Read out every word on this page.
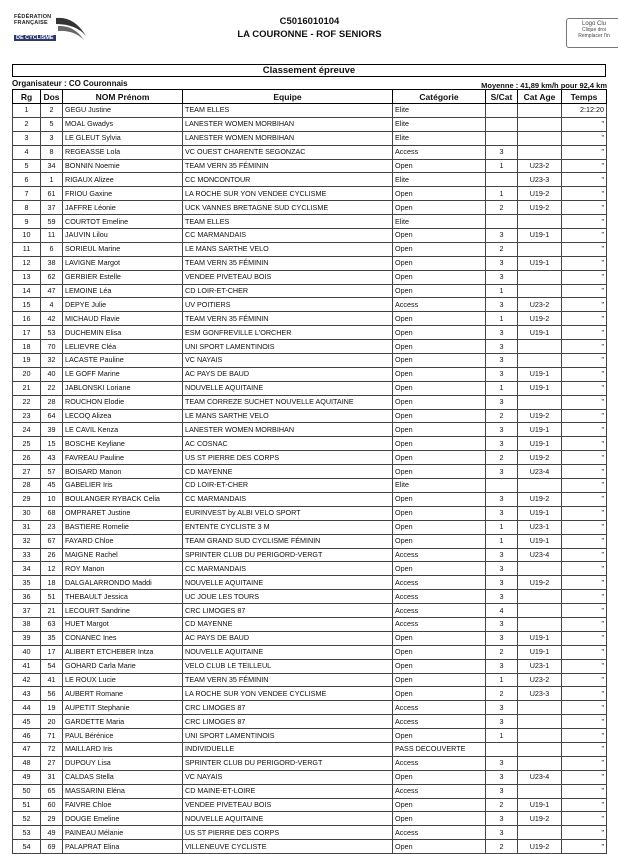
FÉDÉRATION
FRANÇAISE
DE CYCLISME
C5016010104
LA COURONNE - ROF SENIORS
Logo Clu
Clique droi
Remplacer l'in
Classement épreuve
Organisateur : CO Couronnais	Moyenne : 41,89 km/h pour 92,4 km
Rg	Dos	NOM Prénom	Equipe	Catégorie	S/Cat	Cat Age	Temps
1	2	GEGU Justine	TEAM ELLES	Elite			2:12:20
2	5	MOAL Gwadys	LANESTER WOMEN MORBIHAN	Elite			"
3	3	LE GLEUT Sylvia	LANESTER WOMEN MORBIHAN	Elite			"
4	8	REGEASSE Lola	VC OUEST CHARENTE SEGONZAC	Access	3		"
5	34	BONNIN Noemie	TEAM VERN 35 FÉMININ	Open	1	U23-2	"
6	1	RIGAUX Alizee	CC MONCONTOUR	Elite		U23-3	"
7	61	FRIOU Gaxine	LA ROCHE SUR YON VENDEE CYCLISME	Open	1	U19-2	"
8	37	JAFFRE Léonie	UCK VANNES BRETAGNE SUD CYCLISME	Open	2	U19-2	"
9	59	COURTOT Emeline	TEAM ELLES	Elite			"
10	11	JAUVIN Lilou	CC MARMANDAIS	Open	3	U19-1	"
11	6	SORIEUL Marine	LE MANS SARTHE VELO	Open	2		"
12	38	LAVIGNE Margot	TEAM VERN 35 FÉMININ	Open	3	U19-1	"
13	62	GERBIER Estelle	VENDEE PIVETEAU BOIS	Open	3		"
14	47	LEMOINE Léa	CD LOIR-ET-CHER	Open	1		"
15	4	DEPYE Julie	UV POITIERS	Access	3	U23-2	"
16	42	MICHAUD Flavie	TEAM VERN 35 FÉMININ	Open	1	U19-2	"
17	53	DUCHEMIN Elisa	ESM GONFREVILLE L'ORCHER	Open	3	U19-1	"
18	70	LELIEVRE Cléa	UNI SPORT LAMENTINOIS	Open	3		"
19	32	LACASTE Pauline	VC NAYAIS	Open	3		"
20	40	LE GOFF Marine	AC PAYS DE BAUD	Open	3	U19-1	"
21	22	JABLONSKI Loriane	NOUVELLE AQUITAINE	Open	1	U19-1	"
22	28	ROUCHON Elodie	TEAM CORREZE SUCHET NOUVELLE AQUITAINE	Open	3		"
23	64	LECOQ Alizea	LE MANS SARTHE VELO	Open	2	U19-2	"
24	39	LE CAVIL Kenza	LANESTER WOMEN MORBIHAN	Open	3	U19-1	"
25	15	BOSCHE Keyliane	AC COSNAC	Open	3	U19-1	"
26	43	FAVREAU Pauline	US ST PIERRE DES CORPS	Open	2	U19-2	"
27	57	BOISARD Manon	CD MAYENNE	Open	3	U23-4	"
28	45	GABELIER Iris	CD LOIR-ET-CHER	Elite			"
29	10	BOULANGER RYBACK Celia	CC MARMANDAIS	Open	3	U19-2	"
30	68	OMPRARET Justine	EURINVEST by ALBI VELO SPORT	Open	3	U19-1	"
31	23	BASTIERE Romelie	ENTENTE CYCLISTE 3 M	Open	1	U23-1	"
32	67	FAYARD Chloe	TEAM GRAND SUD CYCLISME FÉMININ	Open	1	U19-1	"
33	26	MAIGNE Rachel	SPRINTER CLUB DU PERIGORD-VERGT	Access	3	U23-4	"
34	12	ROY Manon	CC MARMANDAIS	Open	3		"
35	18	DALGALARRONDO Maddi	NOUVELLE AQUITAINE	Access	3	U19-2	"
36	51	THEBAULT Jessica	UC JOUE LES TOURS	Access	3		"
37	21	LECOURT Sandrine	CRC LIMOGES 87	Access	4		"
38	63	HUET Margot	CD MAYENNE	Access	3		"
39	35	CONANEC Ines	AC PAYS DE BAUD	Open	3	U19-1	"
40	17	ALIBERT ETCHEBER Intza	NOUVELLE AQUITAINE	Open	2	U19-1	"
41	54	GOHARD Carla Marie	VELO CLUB LE TEILLEUL	Open	3	U23-1	"
42	41	LE ROUX Lucie	TEAM VERN 35 FÉMININ	Open	1	U23-2	"
43	56	AUBERT Romane	LA ROCHE SUR YON VENDEE CYCLISME	Open	2	U23-3	"
44	19	AUPETIT Stephanie	CRC LIMOGES 87	Access	3		"
45	20	GARDETTE Maria	CRC LIMOGES 87	Access	3		"
46	71	PAUL Bérénice	UNI SPORT LAMENTINOIS	Open	1		"
47	72	MAILLARD Iris	INDIVIDUELLE	PASS DECOUVERTE			"
48	27	DUPOUY Lisa	SPRINTER CLUB DU PERIGORD-VERGT	Access	3		"
49	31	CALDAS Stella	VC NAYAIS	Open	3	U23-4	"
50	65	MASSARINI Eléna	CD MAINE-ET-LOIRE	Access	3		"
51	60	FAIVRE Chloe	VENDEE PIVETEAU BOIS	Open	2	U19-1	"
52	29	DOUGE Emeline	NOUVELLE AQUITAINE	Open	3	U19-2	"
53	49	PAINEAU Mélanie	US ST PIERRE DES CORPS	Access	3		"
54	69	PALAPRAT Elina	VILLENEUVE CYCLISTE	Open	2	U19-2	"
